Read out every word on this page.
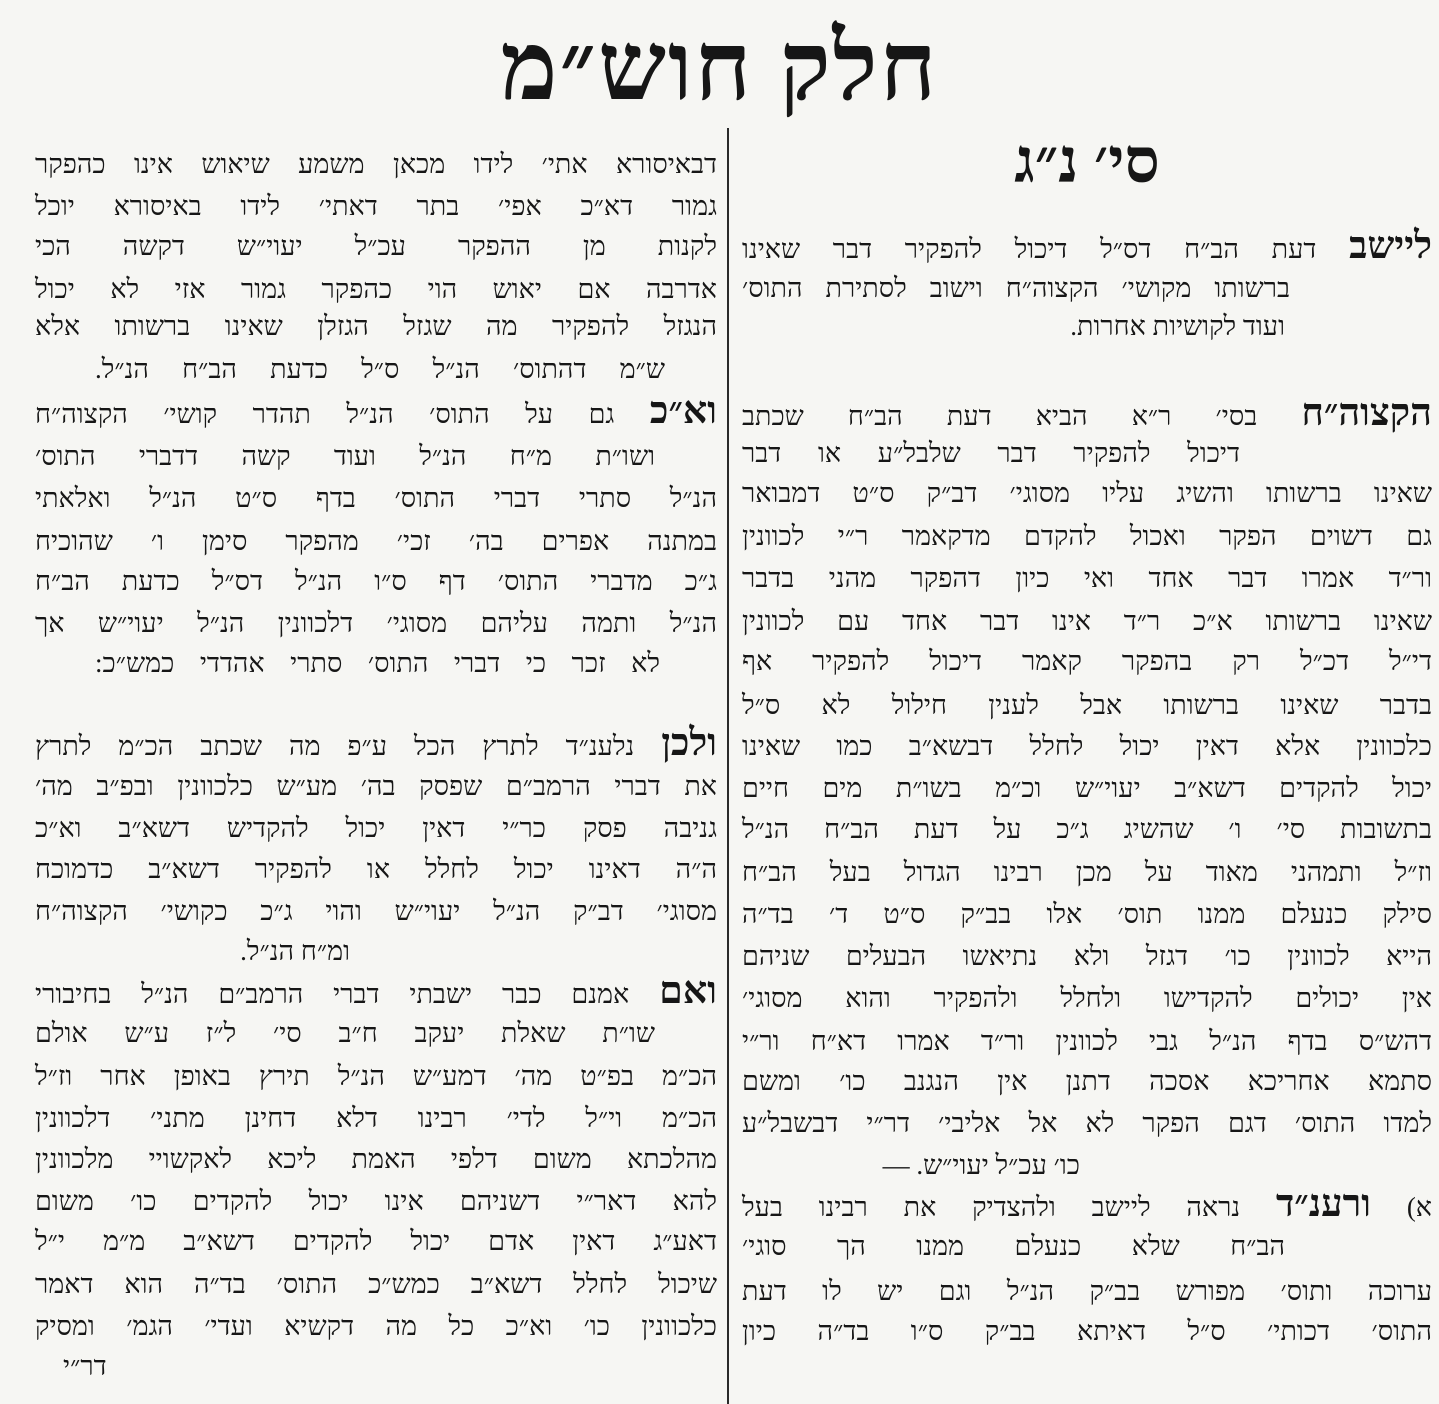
חלק חוש״מ
סי׳ נ״ג
ליישב דעת הב״ח דס״ל דיכול להפקיר דבר שאינו
ברשותו מקושי׳ הקצוה״ח וישוב לסתירת התוס׳
ועוד לקושיות אחרות.
הקצוה״ח בסי׳ ר״א הביא דעת הב״ח שכתב
דיכול להפקיר דבר שלבל״ע או דבר
שאינו ברשותו והשיג עליו מסוגי׳ דב״ק ס״ט דמבואר
גם דשוים הפקר ואכול להקדם מדקאמר ר״י לכוונין
ור״ד אמרו דבר אחד ואי כיון דהפקר מהני בדבר
שאינו ברשותו א״כ ר״ד אינו דבר אחד עם לכוונין
די״ל דכ״ל רק בהפקר קאמר דיכול להפקיר אף
בדבר שאינו ברשותו אבל לענין חילול לא ס״ל
כלכוונין אלא דאין יכול לחלל דבשא״ב כמו שאינו
יכול להקדים דשא״ב יעוי״ש וכ״מ בשו״ת מים חיים
בתשובות סי׳ ו׳ שהשיג ג״כ על דעת הב״ח הנ״ל
וז״ל ותמהני מאוד על מכן רבינו הגדול בעל הב״ח
סילק כנעלם ממנו תוס׳ אלו בב״ק ס״ט ד׳ בד״ה
הייא לכוונין כו׳ דגזל ולא נתיאשו הבעלים שניהם
אין יכולים להקדישו ולחלל ולהפקיר והוא מסוגי׳
דהש״ס בדף הנ״ל גבי לכוונין ור״ד אמרו דא״ח ור״י
סתמא אחריכא אסכה דתנן אין הנגנב כו׳ ומשם
למדו התוס׳ דגם הפקר לא אל אליבי׳ דר״י דבשבל״ע
כו׳ עכ״ל יעוי״ש. —
א) ורענ״ד נראה ליישב ולהצדיק את רבינו בעל
הב״ח שלא כנעלם ממנו הך סוגי׳
ערוכה ותוס׳ מפורש בב״ק הנ״ל וגם יש לו דעת
התוס׳ דכותי׳ ס״ל דאיתא בב״ק ס״ו בד״ה כיון
דבאיסורא אתי׳ לידו מכאן משמע שיאוש אינו כהפקר
גמור דא״כ אפי׳ בתר דאתי׳ לידו באיסורא יוכל
לקנות מן ההפקר עכ״ל יעוי״ש דקשה הכי
אדרבה אם יאוש הוי כהפקר גמור אזי לא יכול
הנגזל להפקיר מה שגזל הגזלן שאינו ברשותו אלא
ש״מ דהתוס׳ הנ״ל ס״ל כדעת הב״ח הנ״ל.
וא״כ גם על התוס׳ הנ״ל תהדר קושי׳ הקצוה״ח
ושו״ת מ״ח הנ״ל ועוד קשה דדברי התוס׳
הנ״ל סתרי דברי התוס׳ בדף ס״ט הנ״ל ואלאתי
במתנה אפרים בה׳ זכי׳ מהפקר סימן ו׳ שהוכיח
ג״כ מדברי התוס׳ דף ס״ו הנ״ל דס״ל כדעת הב״ח
הנ״ל ותמה עליהם מסוגי׳ דלכוונין הנ״ל יעוי״ש אך
לא זכר כי דברי התוס׳ סתרי אהדדי כמש״כ:
ולכן נלענ״ד לתרץ הכל ע״פ מה שכתב הכ״מ לתרץ
את דברי הרמב״ם שפסק בה׳ מע״ש כלכוונין ובפ״ב מה׳
גניבה פסק כר״י דאין יכול להקדיש דשא״ב וא״כ
ה״ה דאינו יכול לחלל או להפקיר דשא״ב כדמוכח
מסוגי׳ דב״ק הנ״ל יעוי״ש והוי ג״כ כקושי׳ הקצוה״ח
ומ״ח הנ״ל.
ואם אמנם כבר ישבתי דברי הרמב״ם הנ״ל בחיבורי
שו״ת שאלת יעקב ח״ב סי׳ ל״ז ע״ש אולם
הכ״מ בפ״ט מה׳ דמע״ש הנ״ל תירץ באופן אחר וז״ל
הכ״מ וי״ל לדי׳ רבינו דלא דחינן מתני׳ דלכוונין
מהלכתא משום דלפי האמת ליכא לאקשויי מלכוונין
להא דאר״י דשניהם אינו יכול להקדים כו׳ משום
דאע״ג דאין אדם יכול להקדים דשא״ב מ״מ י״ל
שיכול לחלל דשא״ב כמש״כ התוס׳ בד״ה הוא דאמר
כלכוונין כו׳ וא״כ כל מה דקשיא ועדי׳ הגמ׳ ומסיק
דר״י
